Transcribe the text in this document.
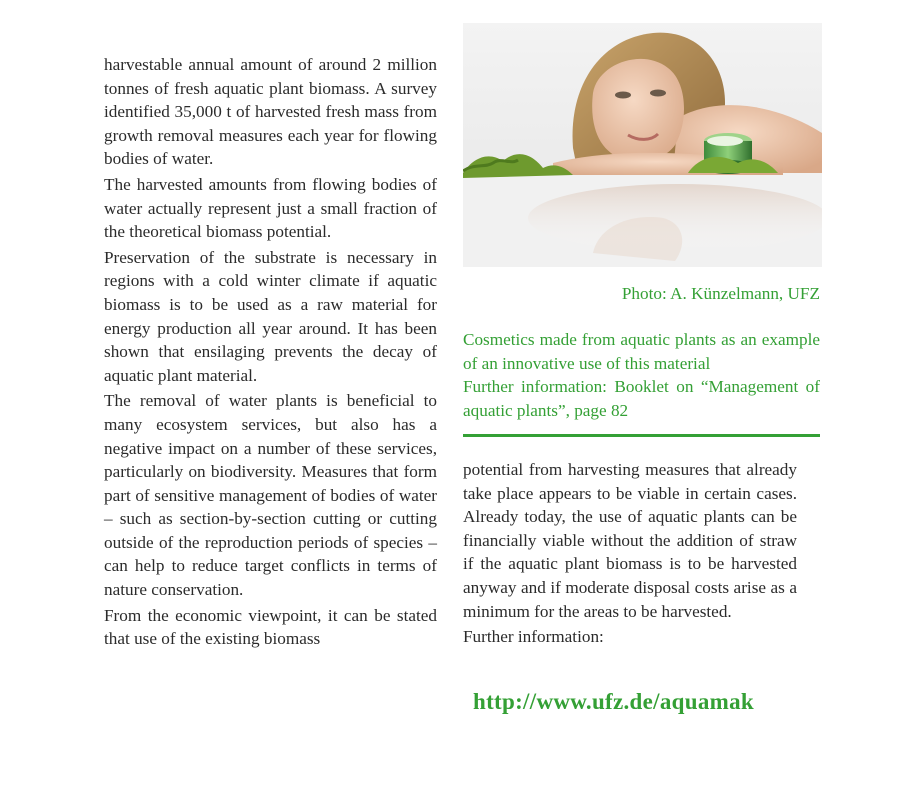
harvestable annual amount of around 2 million tonnes of fresh aquatic plant biomass. A survey identified 35,000 t of harvested fresh mass from growth removal measures each year for flowing bodies of water.

The harvested amounts from flowing bodies of water actually represent just a small fraction of the theoretical biomass potential.

Preservation of the substrate is necessary in regions with a cold winter climate if aquatic biomass is to be used as a raw material for energy production all year around. It has been shown that ensilaging prevents the decay of aquatic plant material.

The removal of water plants is beneficial to many ecosystem services, but also has a negative impact on a number of these services, particularly on biodiversity. Measures that form part of sensitive management of bodies of water – such as section-by-section cutting or cutting outside of the reproduction periods of species – can help to reduce target conflicts in terms of nature conservation.

From the economic viewpoint, it can be stated that use of the existing biomass

Photo: A. Künzelmann, UFZ

Cosmetics made from aquatic plants as an example of an innovative use of this material

Further information: Booklet on “Management of aquatic plants”, page 82

potential from harvesting measures that already take place appears to be viable in certain cases. Already today, the use of aquatic plants can be financially viable without the addition of straw if the aquatic plant biomass is to be harvested anyway and if moderate disposal costs arise as a minimum for the areas to be harvested.

Further information:

http://www.ufz.de/aquamak
